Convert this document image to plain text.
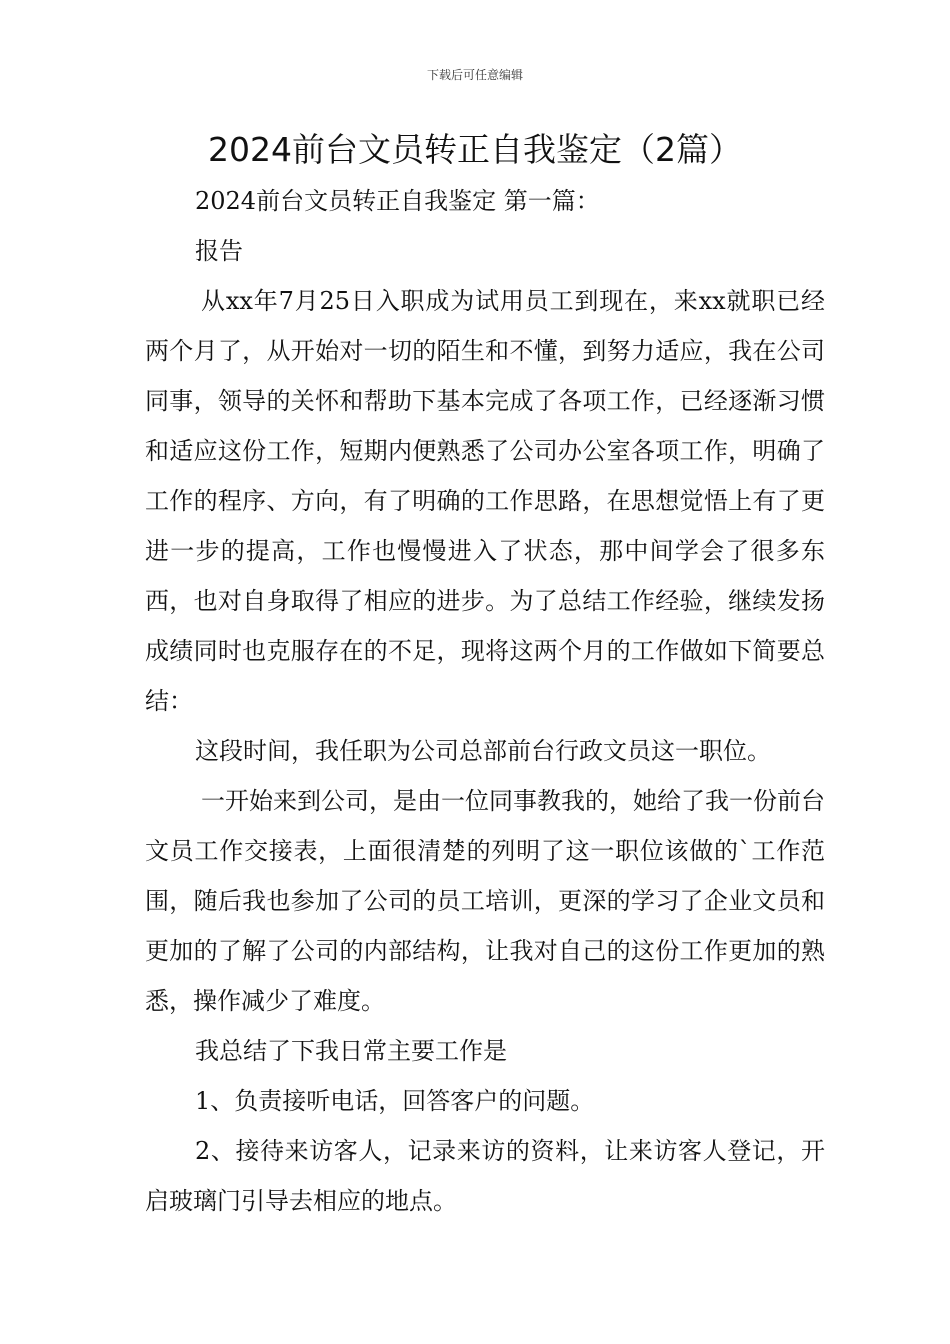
下载后可任意编辑
2024前台文员转正自我鉴定（2篇）

2024前台文员转正自我鉴定 第一篇：

报告

从xx年7月25日入职成为试用员工到现在，来xx就职已经两个月了，从开始对一切的陌生和不懂，到努力适应，我在公司同事，领导的关怀和帮助下基本完成了各项工作，已经逐渐习惯和适应这份工作，短期内便熟悉了公司办公室各项工作，明确了工作的程序、方向，有了明确的工作思路，在思想觉悟上有了更进一步的提高，工作也慢慢进入了状态，那中间学会了很多东西，也对自身取得了相应的进步。为了总结工作经验，继续发扬成绩同时也克服存在的不足，现将这两个月的工作做如下简要总结：

这段时间，我任职为公司总部前台行政文员这一职位。

一开始来到公司，是由一位同事教我的，她给了我一份前台文员工作交接表，上面很清楚的列明了这一职位该做的`工作范围，随后我也参加了公司的员工培训，更深的学习了企业文员和更加的了解了公司的内部结构，让我对自己的这份工作更加的熟悉，操作减少了难度。

我总结了下我日常主要工作是

1、负责接听电话，回答客户的问题。

2、接待来访客人，记录来访的资料，让来访客人登记，开启玻璃门引导去相应的地点。
